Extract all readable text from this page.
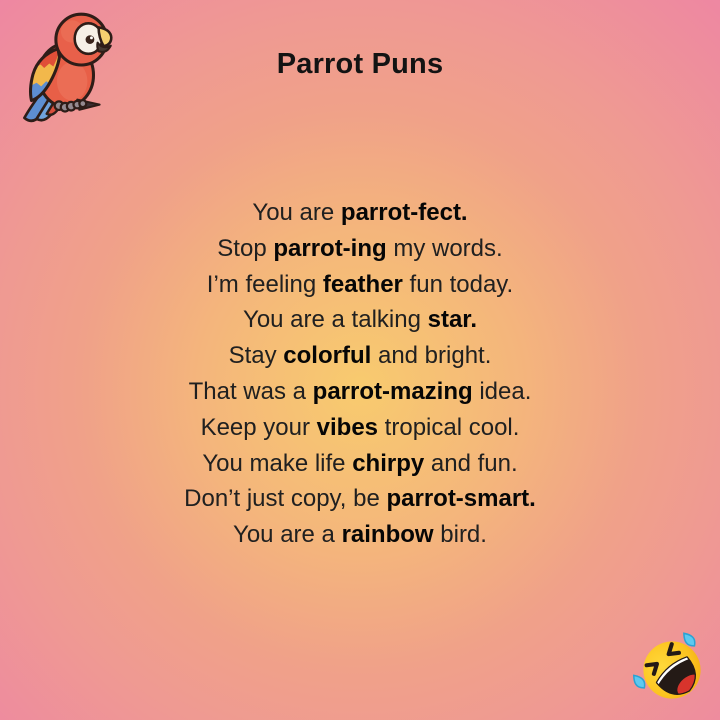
Parrot Puns
You are parrot-fect.
Stop parrot-ing my words.
I’m feeling feather fun today.
You are a talking star.
Stay colorful and bright.
That was a parrot-mazing idea.
Keep your vibes tropical cool.
You make life chirpy and fun.
Don’t just copy, be parrot-smart.
You are a rainbow bird.
